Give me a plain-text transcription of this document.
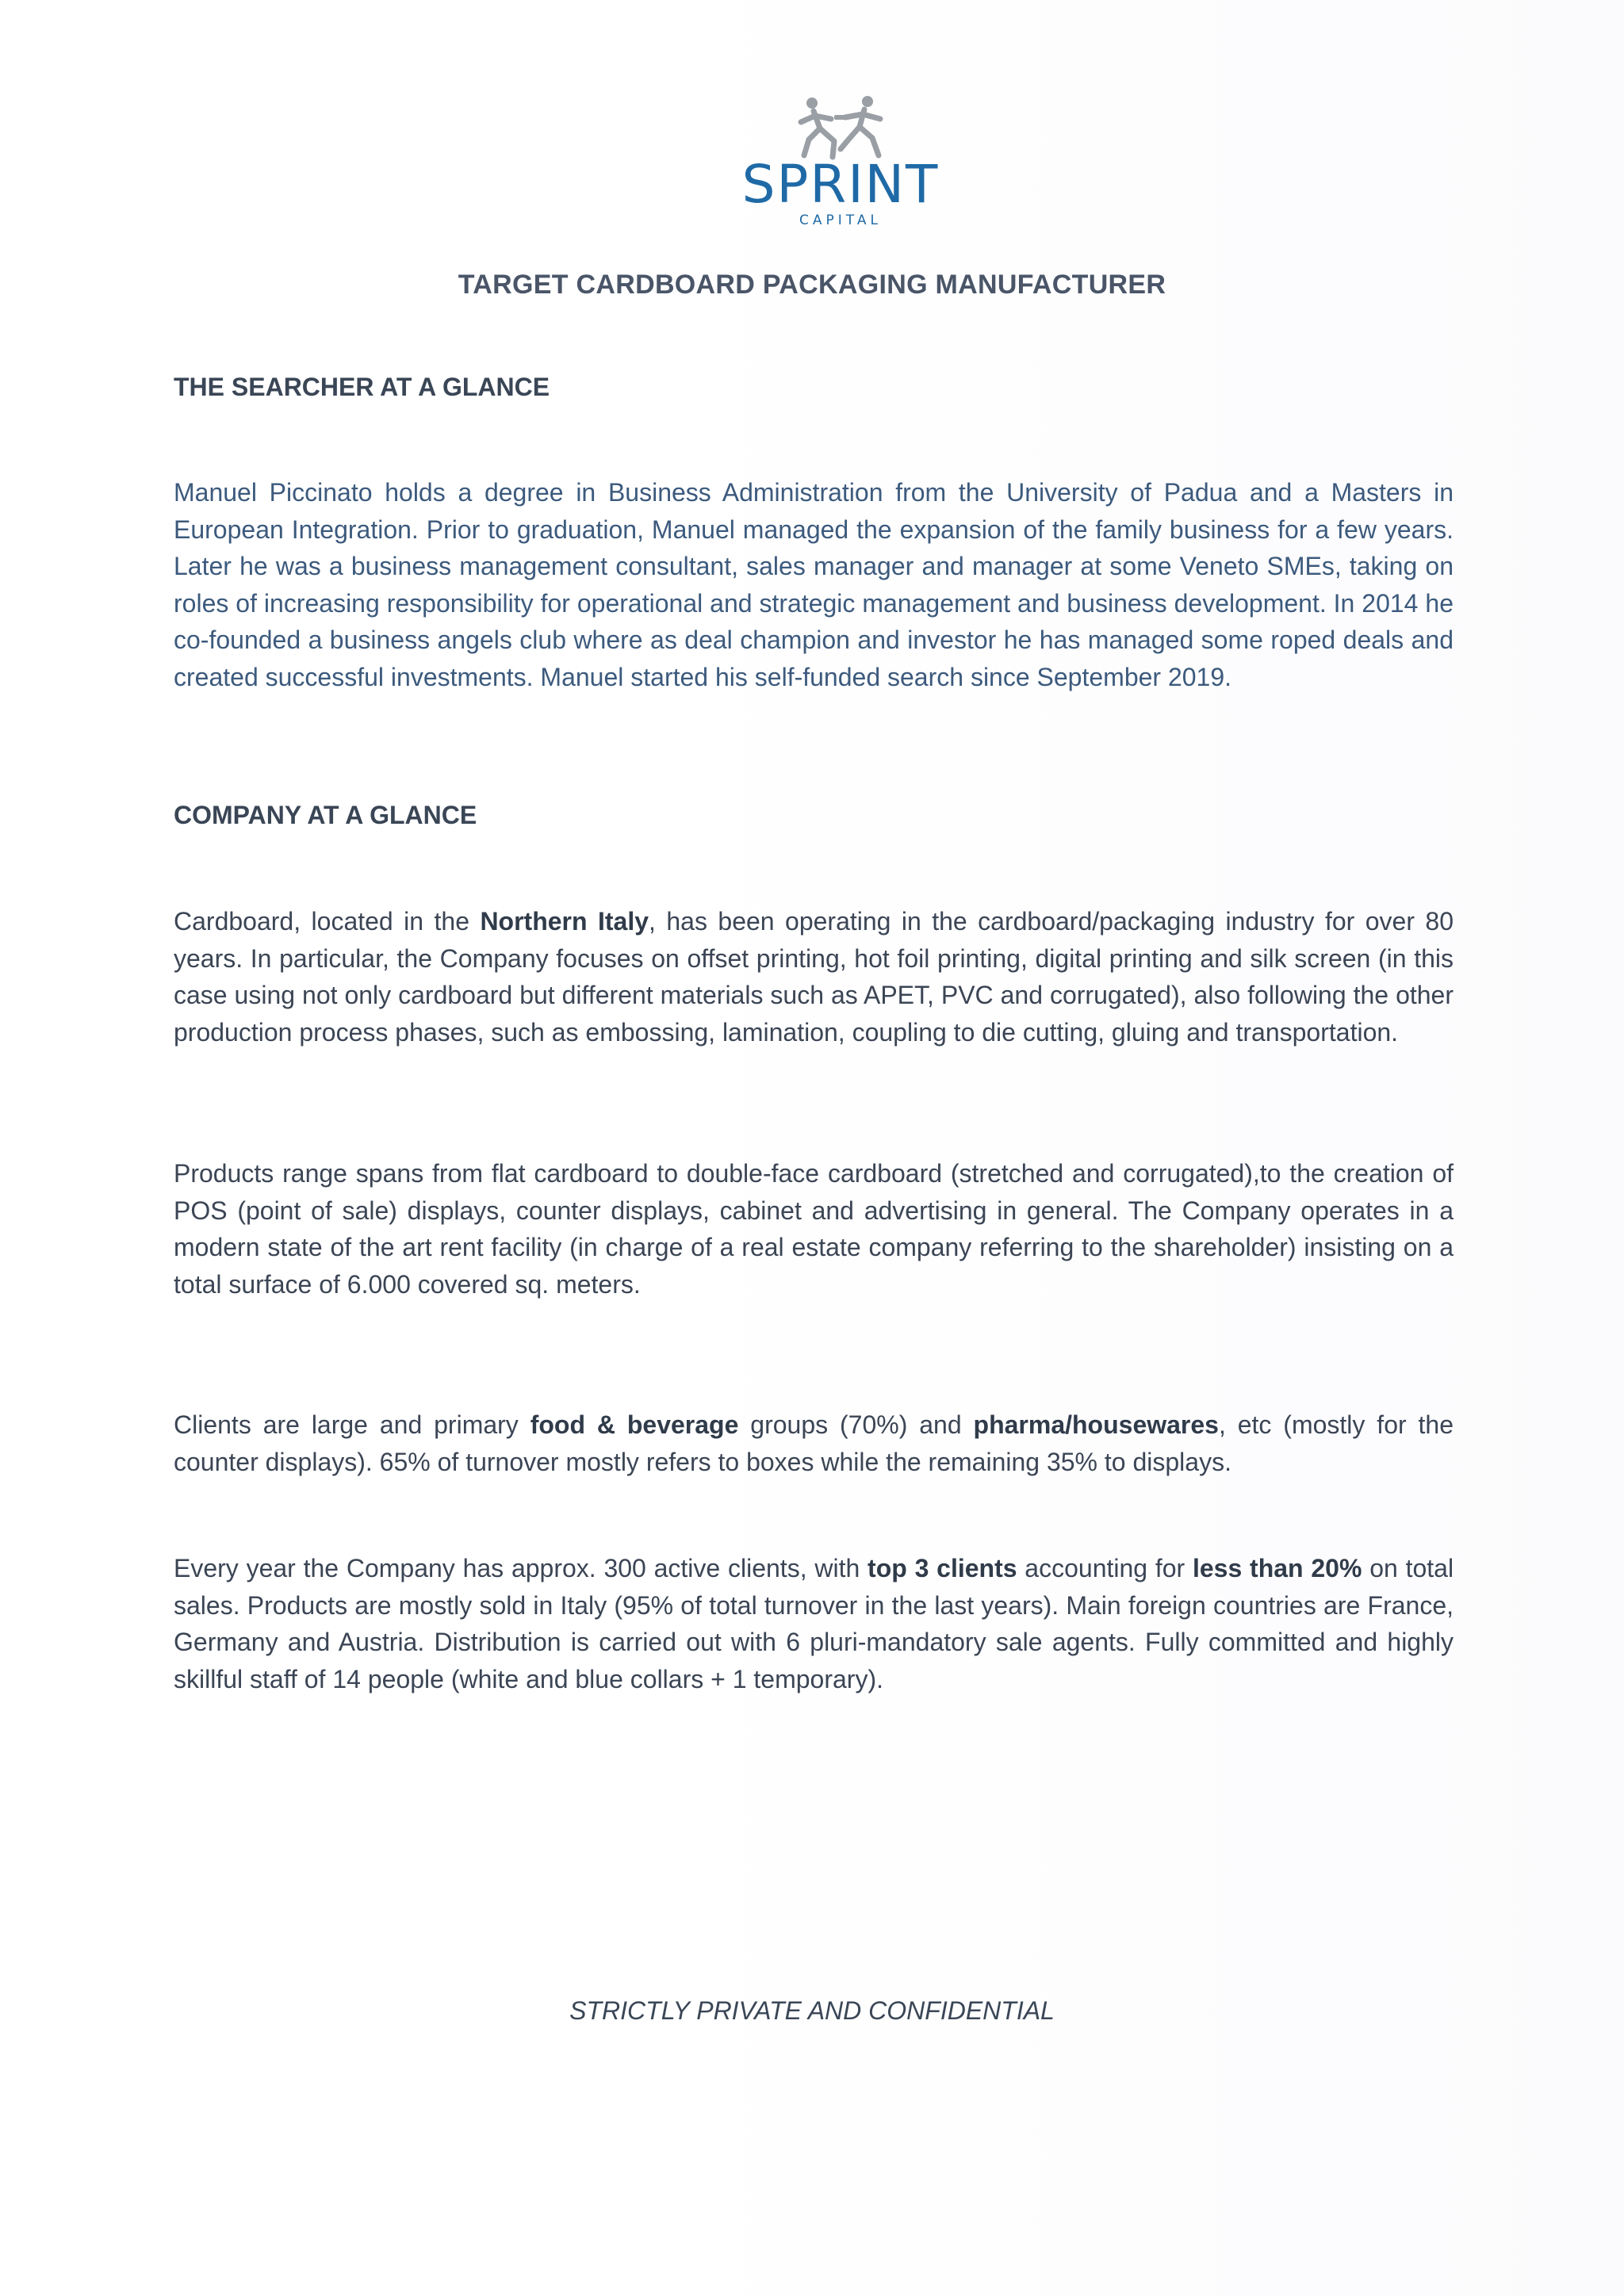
SPRINT
CAPITAL
TARGET CARDBOARD PACKAGING MANUFACTURER
THE SEARCHER AT A GLANCE
Manuel Piccinato holds a degree in Business Administration from the University of Padua and a Masters in European Integration. Prior to graduation, Manuel managed the expansion of the family business for a few years. Later he was a business management consultant, sales manager and manager at some Veneto SMEs, taking on roles of increasing responsibility for operational and strategic management and business development. In 2014 he co-founded a business angels club where as deal champion and investor he has managed some roped deals and created successful investments. Manuel started his self-funded search since September 2019.
COMPANY AT A GLANCE
Cardboard, located in the Northern Italy, has been operating in the cardboard/packaging industry for over 80 years. In particular, the Company focuses on offset printing, hot foil printing, digital printing and silk screen (in this case using not only cardboard but different materials such as APET, PVC and corrugated), also following the other production process phases, such as embossing, lamination, coupling to die cutting, gluing and transportation.
Products range spans from flat cardboard to double-face cardboard (stretched and corrugated),to the creation of POS (point of sale) displays, counter displays, cabinet and advertising in general. The Company operates in a modern state of the art rent facility (in charge of a real estate company referring to the shareholder) insisting on a total surface of 6.000 covered sq. meters.
Clients are large and primary food & beverage groups (70%) and pharma/housewares, etc (mostly for the counter displays). 65% of turnover mostly refers to boxes while the remaining 35% to displays.
Every year the Company has approx. 300 active clients, with top 3 clients accounting for less than 20% on total sales. Products are mostly sold in Italy (95% of total turnover in the last years). Main foreign countries are France, Germany and Austria. Distribution is carried out with 6 pluri-mandatory sale agents. Fully committed and highly skillful staff of 14 people (white and blue collars + 1 temporary).
STRICTLY PRIVATE AND CONFIDENTIAL
